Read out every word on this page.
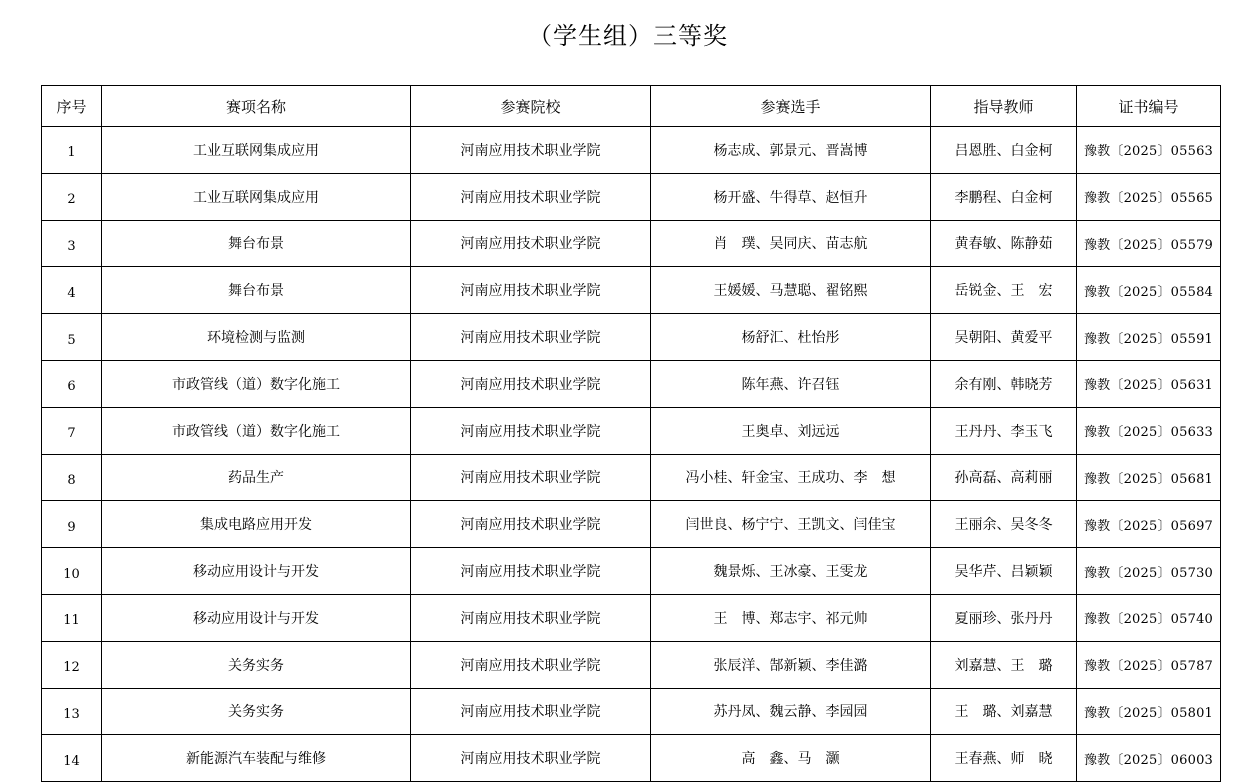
（学生组）三等奖
序号	赛项名称	参赛院校	参赛选手	指导教师	证书编号
1	工业互联网集成应用	河南应用技术职业学院	杨志成、郭景元、晋嵩博	吕恩胜、白金柯	豫教〔2025〕05563
2	工业互联网集成应用	河南应用技术职业学院	杨开盛、牛得草、赵恒升	李鹏程、白金柯	豫教〔2025〕05565
3	舞台布景	河南应用技术职业学院	肖　璞、吴同庆、苗志航	黄春敏、陈静茹	豫教〔2025〕05579
4	舞台布景	河南应用技术职业学院	王媛媛、马慧聪、翟铭熙	岳锐金、王　宏	豫教〔2025〕05584
5	环境检测与监测	河南应用技术职业学院	杨舒汇、杜怡彤	吴朝阳、黄爱平	豫教〔2025〕05591
6	市政管线（道）数字化施工	河南应用技术职业学院	陈年燕、许召钰	余有刚、韩晓芳	豫教〔2025〕05631
7	市政管线（道）数字化施工	河南应用技术职业学院	王奥卓、刘远远	王丹丹、李玉飞	豫教〔2025〕05633
8	药品生产	河南应用技术职业学院	冯小桂、轩金宝、王成功、李　想	孙高磊、高莉丽	豫教〔2025〕05681
9	集成电路应用开发	河南应用技术职业学院	闫世良、杨宁宁、王凯文、闫佳宝	王丽余、吴冬冬	豫教〔2025〕05697
10	移动应用设计与开发	河南应用技术职业学院	魏景烁、王冰豪、王雯龙	吴华芹、吕颖颖	豫教〔2025〕05730
11	移动应用设计与开发	河南应用技术职业学院	王　博、郑志宇、祁元帅	夏丽珍、张丹丹	豫教〔2025〕05740
12	关务实务	河南应用技术职业学院	张辰洋、郜新颖、李佳潞	刘嘉慧、王　璐	豫教〔2025〕05787
13	关务实务	河南应用技术职业学院	苏丹凤、魏云静、李园园	王　璐、刘嘉慧	豫教〔2025〕05801
14	新能源汽车装配与维修	河南应用技术职业学院	高　鑫、马　灏	王春燕、师　晓	豫教〔2025〕06003
